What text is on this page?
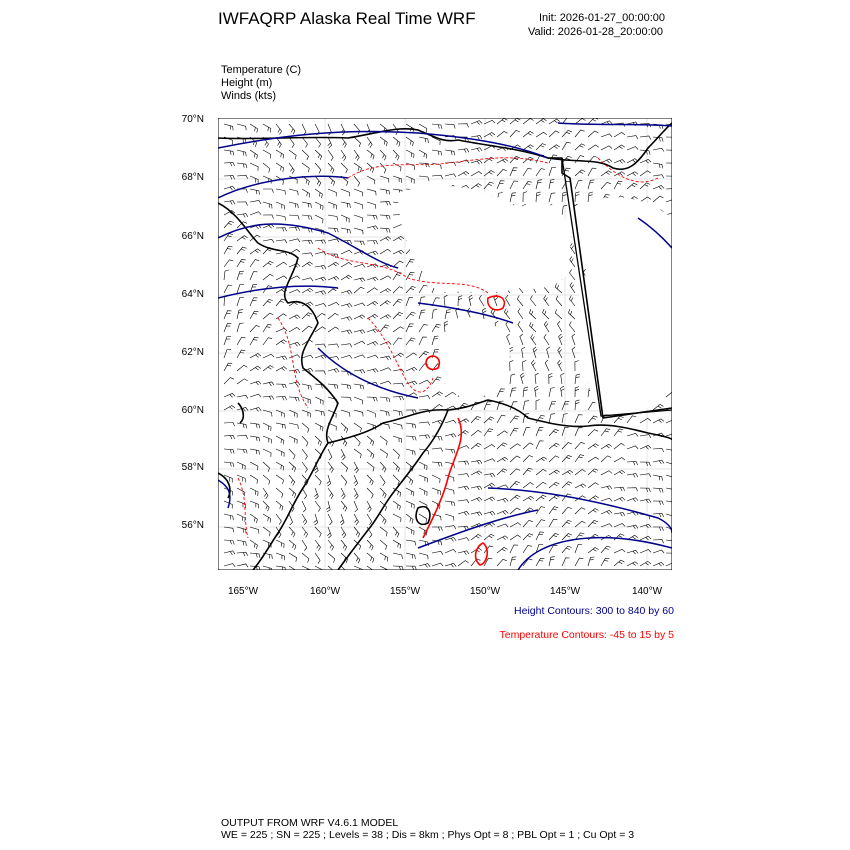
IWFAQRP Alaska Real Time WRF	Init: 2026-01-27_00:00:00
Valid: 2026-01-28_20:00:00
Temperature (C)
Height (m)
Winds (kts)
70°N
68°N
66°N
64°N
62°N
60°N
58°N
56°N
165°W	160°W	155°W	150°W	145°W	140°W
Height Contours: 300 to 840 by 60
Temperature Contours: -45 to 15 by 5
OUTPUT FROM WRF V4.6.1 MODEL
WE = 225 ; SN = 225 ; Levels = 38 ; Dis = 8km ; Phys Opt = 8 ; PBL Opt = 1 ; Cu Opt = 3
